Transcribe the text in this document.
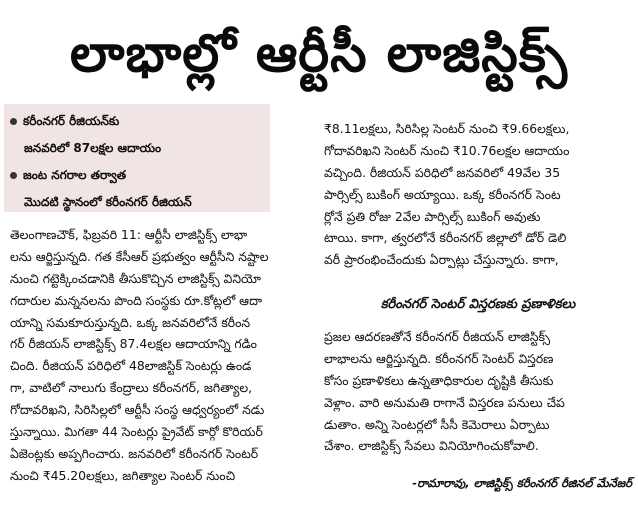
లాభాల్లో ఆర్టీసీ లాజిస్టిక్స్
కరీంనగర్ రీజియన్‌కు
జనవరిలో 87లక్షల ఆదాయం
జంట నగరాల తర్వాత
మొదటి స్థానంలో కరీంనగర్ రీజియన్
తెలంగాణచౌక్, ఫిబ్రవరి 11: ఆర్టీసీ లాజిస్టిక్స్ లాభా
లను ఆర్జిస్తున్నది. గత కేసీఆర్ ప్రభుత్వం ఆర్టీసీని నష్టాల
నుంచి గట్టెక్కించడానికి తీసుకొచ్చిన లాజిస్టిక్స్ వినియో
గదారుల మన్ననలను పొంది సంస్థకు రూ.కోట్లలో ఆదా
యాన్ని సమకూరుస్తున్నది. ఒక్క జనవరిలోనే కరీంన
గర్ రీజియన్ లాజిస్టిక్స్ 87.4లక్షల ఆదాయాన్ని గడిం
చింది. రీజియన్ పరిధిలో 48లాజిస్టిక్ సెంటర్లు ఉండ
గా, వాటిలో నాలుగు కేంద్రాలు కరీంనగర్, జగిత్యాల,
గోదావరిఖని, సిరిసిల్లలో ఆర్టీసీ సంస్థ ఆధ్వర్యంలో నడు
స్తున్నాయి. మిగతా 44 సెంటర్లు ప్రైవేట్ కార్గో కొరియర్
ఏజెంట్లకు అప్పగించారు. జనవరిలో కరీంనగర్ సెంటర్
నుంచి ₹45.20లక్షలు, జగిత్యాల సెంటర్ నుంచి
₹8.11లక్షలు, సిరిసిల్ల సెంటర్ నుంచి ₹9.66లక్షలు,
గోదావరిఖని సెంటర్ నుంచి ₹10.76లక్షల ఆదాయం
వచ్చింది. రీజియన్ పరిధిలో జనవరిలో 49వేల 35
పార్సిల్స్ బుకింగ్ అయ్యాయి. ఒక్క కరీంనగర్ సెంట
ర్లోనే ప్రతి రోజు 2వేల పార్సిల్స్ బుకింగ్ అవుతు
టాయి. కాగా, త్వరలోనే కరీంనగర్ జిల్లాలో డోర్ డెలి
వరీ ప్రారంభించేందుకు ఏర్పాట్లు చేస్తున్నారు. కాగా,
కరీంనగర్ సెంటర్ విస్తరణకు ప్రణాళికలు
ప్రజల ఆదరణతోనే కరీంనగర్ రీజియన్ లాజిస్టిక్స్
లాభాలను ఆర్జిస్తున్నది. కరీంనగర్ సెంటర్ విస్తరణ
కోసం ప్రణాళికలు ఉన్నతాధికారుల దృష్టికి తీసుకు
వెళ్లాం. వారి అనుమతి రాగానే విస్తరణ పనులు చేప
డుతాం. అన్ని సెంటర్లలో సీసీ కెమెరాలు ఏర్పాటు
చేశాం. లాజిస్టిక్స్ సేవలు వినియోగించుకోవాలి.
-రామారావు, లాజిస్టిక్స్ కరీంనగర్ రీజినల్ మేనేజర్
